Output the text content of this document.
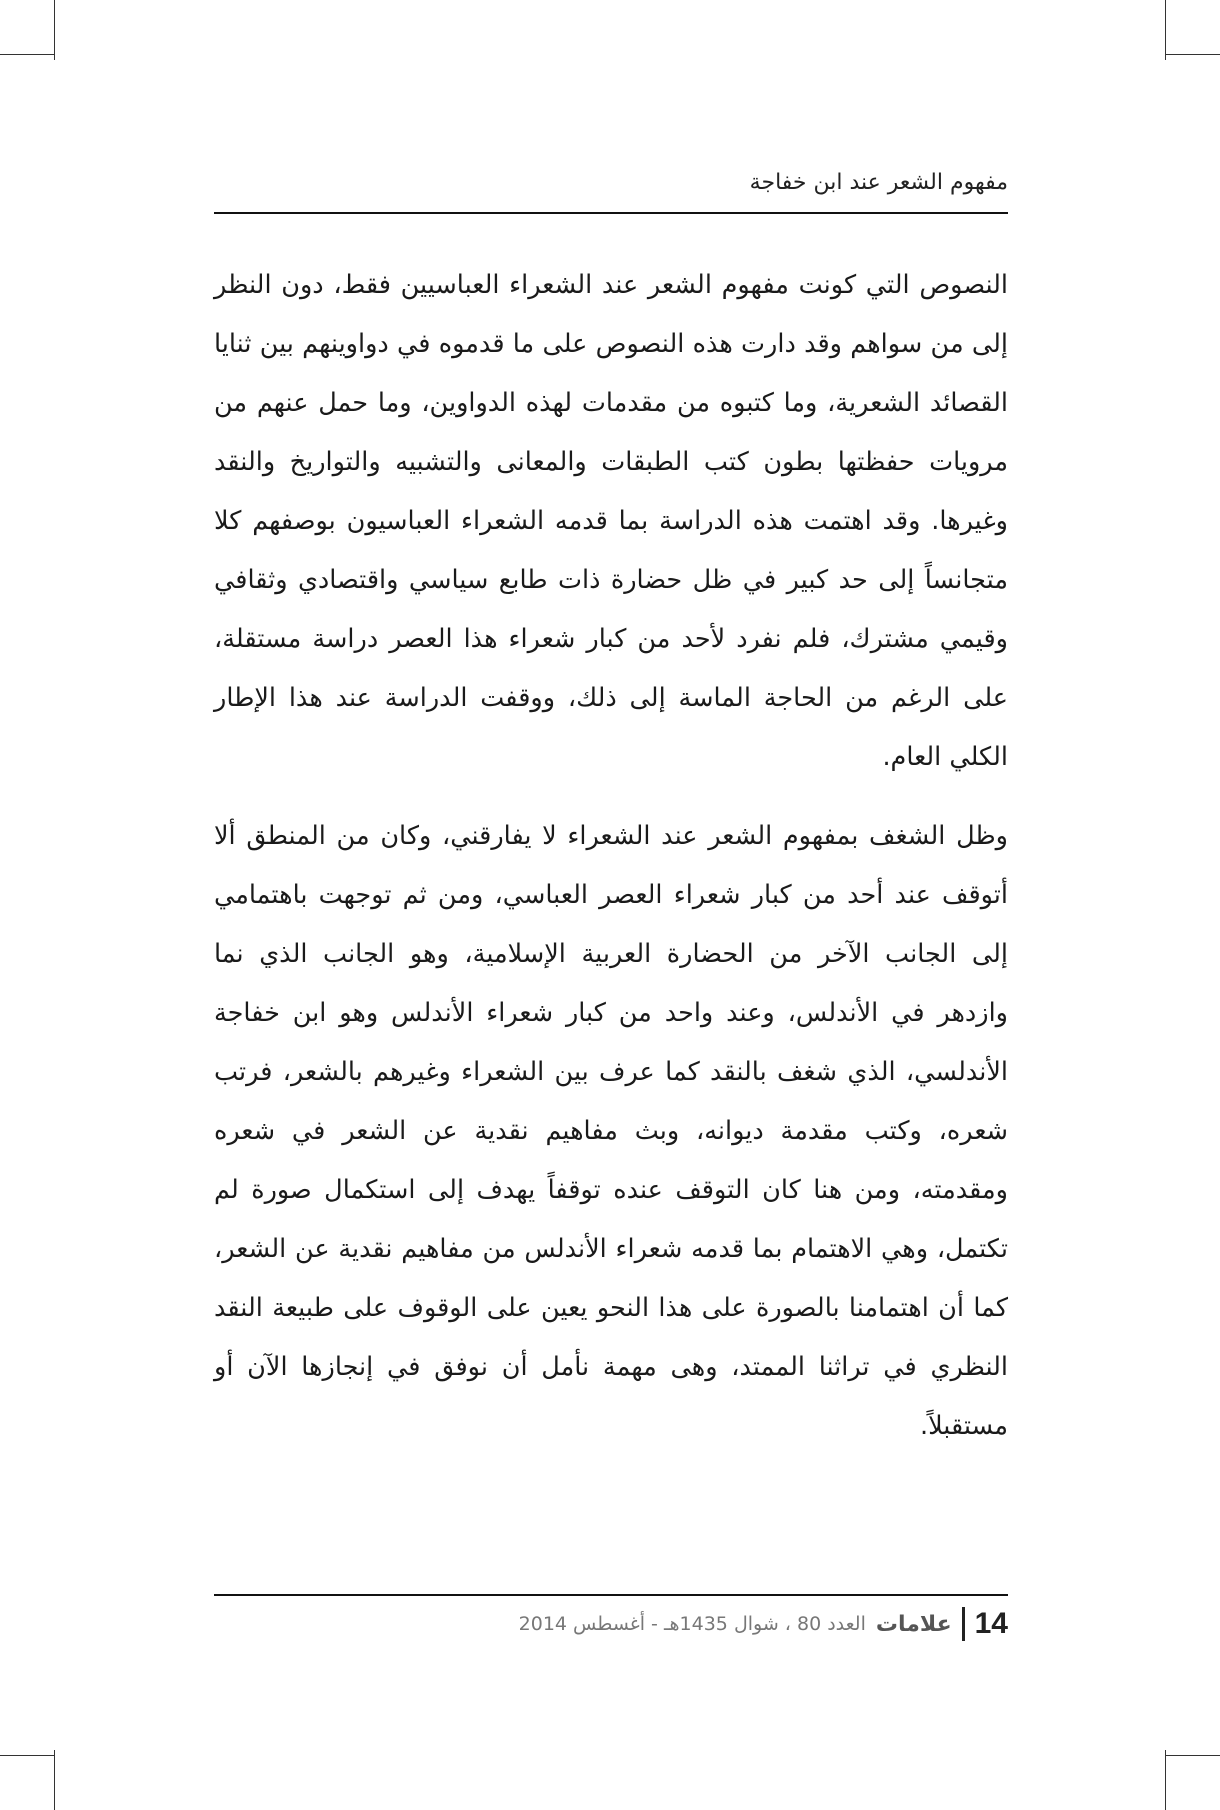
مفهوم الشعر عند ابن خفاجة

النصوص التي كونت مفهوم الشعر عند الشعراء العباسيين فقط، دون النظر إلى من سواهم وقد دارت هذه النصوص على ما قدموه في دواوينهم بين ثنايا القصائد الشعرية، وما كتبوه من مقدمات لهذه الدواوين، وما حمل عنهم من مرويات حفظتها بطون كتب الطبقات والمعانى والتشبيه والتواريخ والنقد وغيرها. وقد اهتمت هذه الدراسة بما قدمه الشعراء العباسيون بوصفهم كلا متجانساً إلى حد كبير في ظل حضارة ذات طابع سياسي واقتصادي وثقافي وقيمي مشترك، فلم نفرد لأحد من كبار شعراء هذا العصر دراسة مستقلة، على الرغم من الحاجة الماسة إلى ذلك، ووقفت الدراسة عند هذا الإطار الكلي العام.

وظل الشغف بمفهوم الشعر عند الشعراء لا يفارقني، وكان من المنطق ألا أتوقف عند أحد من كبار شعراء العصر العباسي، ومن ثم توجهت باهتمامي إلى الجانب الآخر من الحضارة العربية الإسلامية، وهو الجانب الذي نما وازدهر في الأندلس، وعند واحد من كبار شعراء الأندلس وهو ابن خفاجة الأندلسي، الذي شغف بالنقد كما عرف بين الشعراء وغيرهم بالشعر، فرتب شعره، وكتب مقدمة ديوانه، وبث مفاهيم نقدية عن الشعر في شعره ومقدمته، ومن هنا كان التوقف عنده توقفاً يهدف إلى استكمال صورة لم تكتمل، وهي الاهتمام بما قدمه شعراء الأندلس من مفاهيم نقدية عن الشعر، كما أن اهتمامنا بالصورة على هذا النحو يعين على الوقوف على طبيعة النقد النظري في تراثنا الممتد، وهى مهمة نأمل أن نوفق في إنجازها الآن أو مستقبلاً.

14
علامات
العدد 80 ، شوال 1435هـ - أغسطس 2014
